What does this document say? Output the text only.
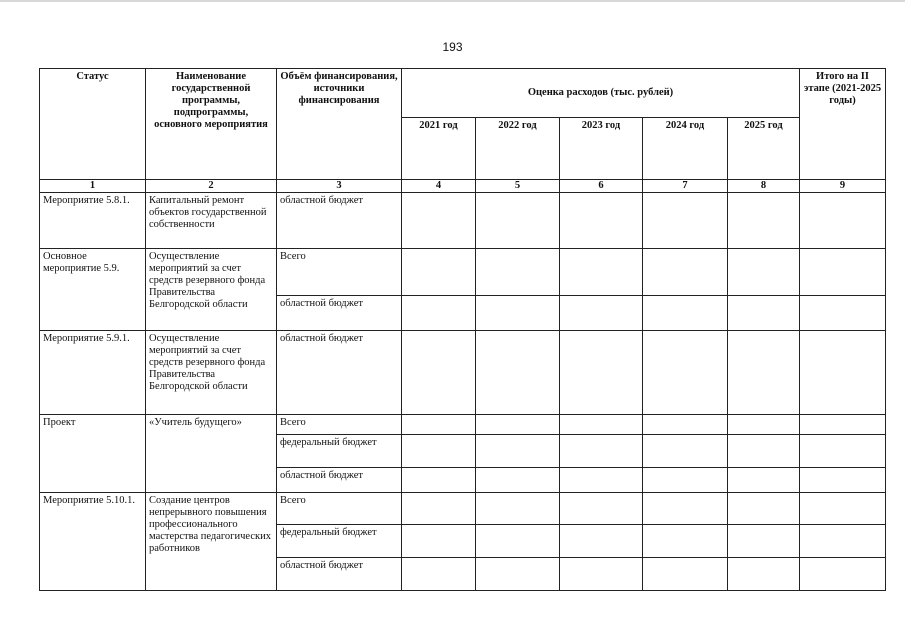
193
Статус	Наименование государственной программы, подпрограммы, основного мероприятия	Объём финансирования, источники финансирования	Оценка расходов (тыс. рублей)					Итого на II этапе (2021-2025 годы)
			2021 год	2022 год	2023 год	2024 год	2025 год	
1	2	3	4	5	6	7	8	9
Мероприятие 5.8.1.	Капитальный ремонт объектов государственной собственности	областной бюджет						
Основное мероприятие 5.9.	Осуществление мероприятий за счет средств резервного фонда Правительства Белгородской области	Всего						
		областной бюджет						
Мероприятие 5.9.1.	Осуществление мероприятий за счет средств резервного фонда Правительства Белгородской области	областной бюджет						
Проект	«Учитель будущего»	Всего						
		федеральный бюджет						
		областной бюджет						
Мероприятие 5.10.1.	Создание центров непрерывного повышения профессионального мастерства педагогических работников	Всего						
		федеральный бюджет						
		областной бюджет						
